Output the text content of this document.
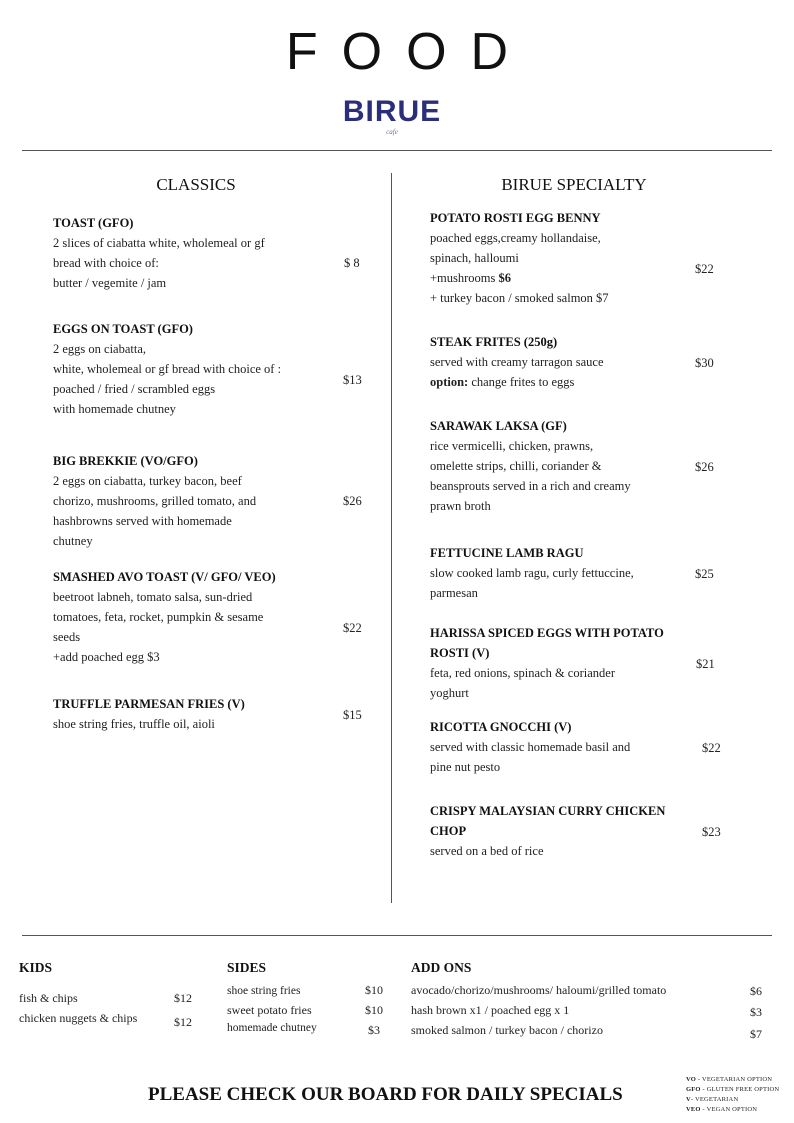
FOOD
BIRUE
cafe
CLASSICS
TOAST (GFO)
2 slices of ciabatta white, wholemeal or gf
bread with choice of:
butter / vegemite / jam
$ 8
EGGS ON TOAST (GFO)
2 eggs on ciabatta,
white, wholemeal or gf bread with choice of :
poached / fried / scrambled eggs
with homemade chutney
$13
BIG BREKKIE (VO/GFO)
2 eggs on ciabatta, turkey bacon, beef
chorizo, mushrooms, grilled tomato, and
hashbrowns served with homemade
chutney
$26
SMASHED AVO TOAST (V/ GFO/ VEO)
beetroot labneh, tomato salsa, sun-dried
tomatoes, feta, rocket, pumpkin & sesame
seeds
+add poached egg $3
$22
TRUFFLE PARMESAN FRIES (V)
shoe string fries, truffle oil, aioli
$15
BIRUE SPECIALTY
POTATO ROSTI EGG BENNY
poached eggs,creamy hollandaise,
spinach, halloumi
+mushrooms $6
+ turkey bacon / smoked salmon $7
$22
STEAK FRITES (250g)
served with creamy tarragon sauce
option: change frites to eggs
$30
SARAWAK LAKSA (GF)
rice vermicelli, chicken, prawns,
omelette strips, chilli, coriander &
beansprouts served in a rich and creamy
prawn broth
$26
FETTUCINE LAMB RAGU
slow cooked lamb ragu, curly fettuccine,
parmesan
$25
HARISSA SPICED EGGS WITH POTATO
ROSTI (V)
feta, red onions, spinach & coriander
yoghurt
$21
RICOTTA GNOCCHI (V)
served with classic homemade basil and
pine nut pesto
$22
CRISPY MALAYSIAN CURRY CHICKEN
CHOP
served on a bed of rice
$23
KIDS
fish & chips	$12
chicken nuggets & chips	$12
SIDES
shoe string fries	$10
sweet potato fries	$10
homemade chutney	$3
ADD ONS
avocado/chorizo/mushrooms/ haloumi/grilled tomato	$6
hash brown x1 / poached egg x 1	$3
smoked salmon / turkey bacon / chorizo	$7
PLEASE CHECK OUR BOARD FOR DAILY SPECIALS
VO - VEGETARIAN OPTION
GFO - GLUTEN FREE OPTION
V- VEGETARIAN
VEO - VEGAN OPTION
